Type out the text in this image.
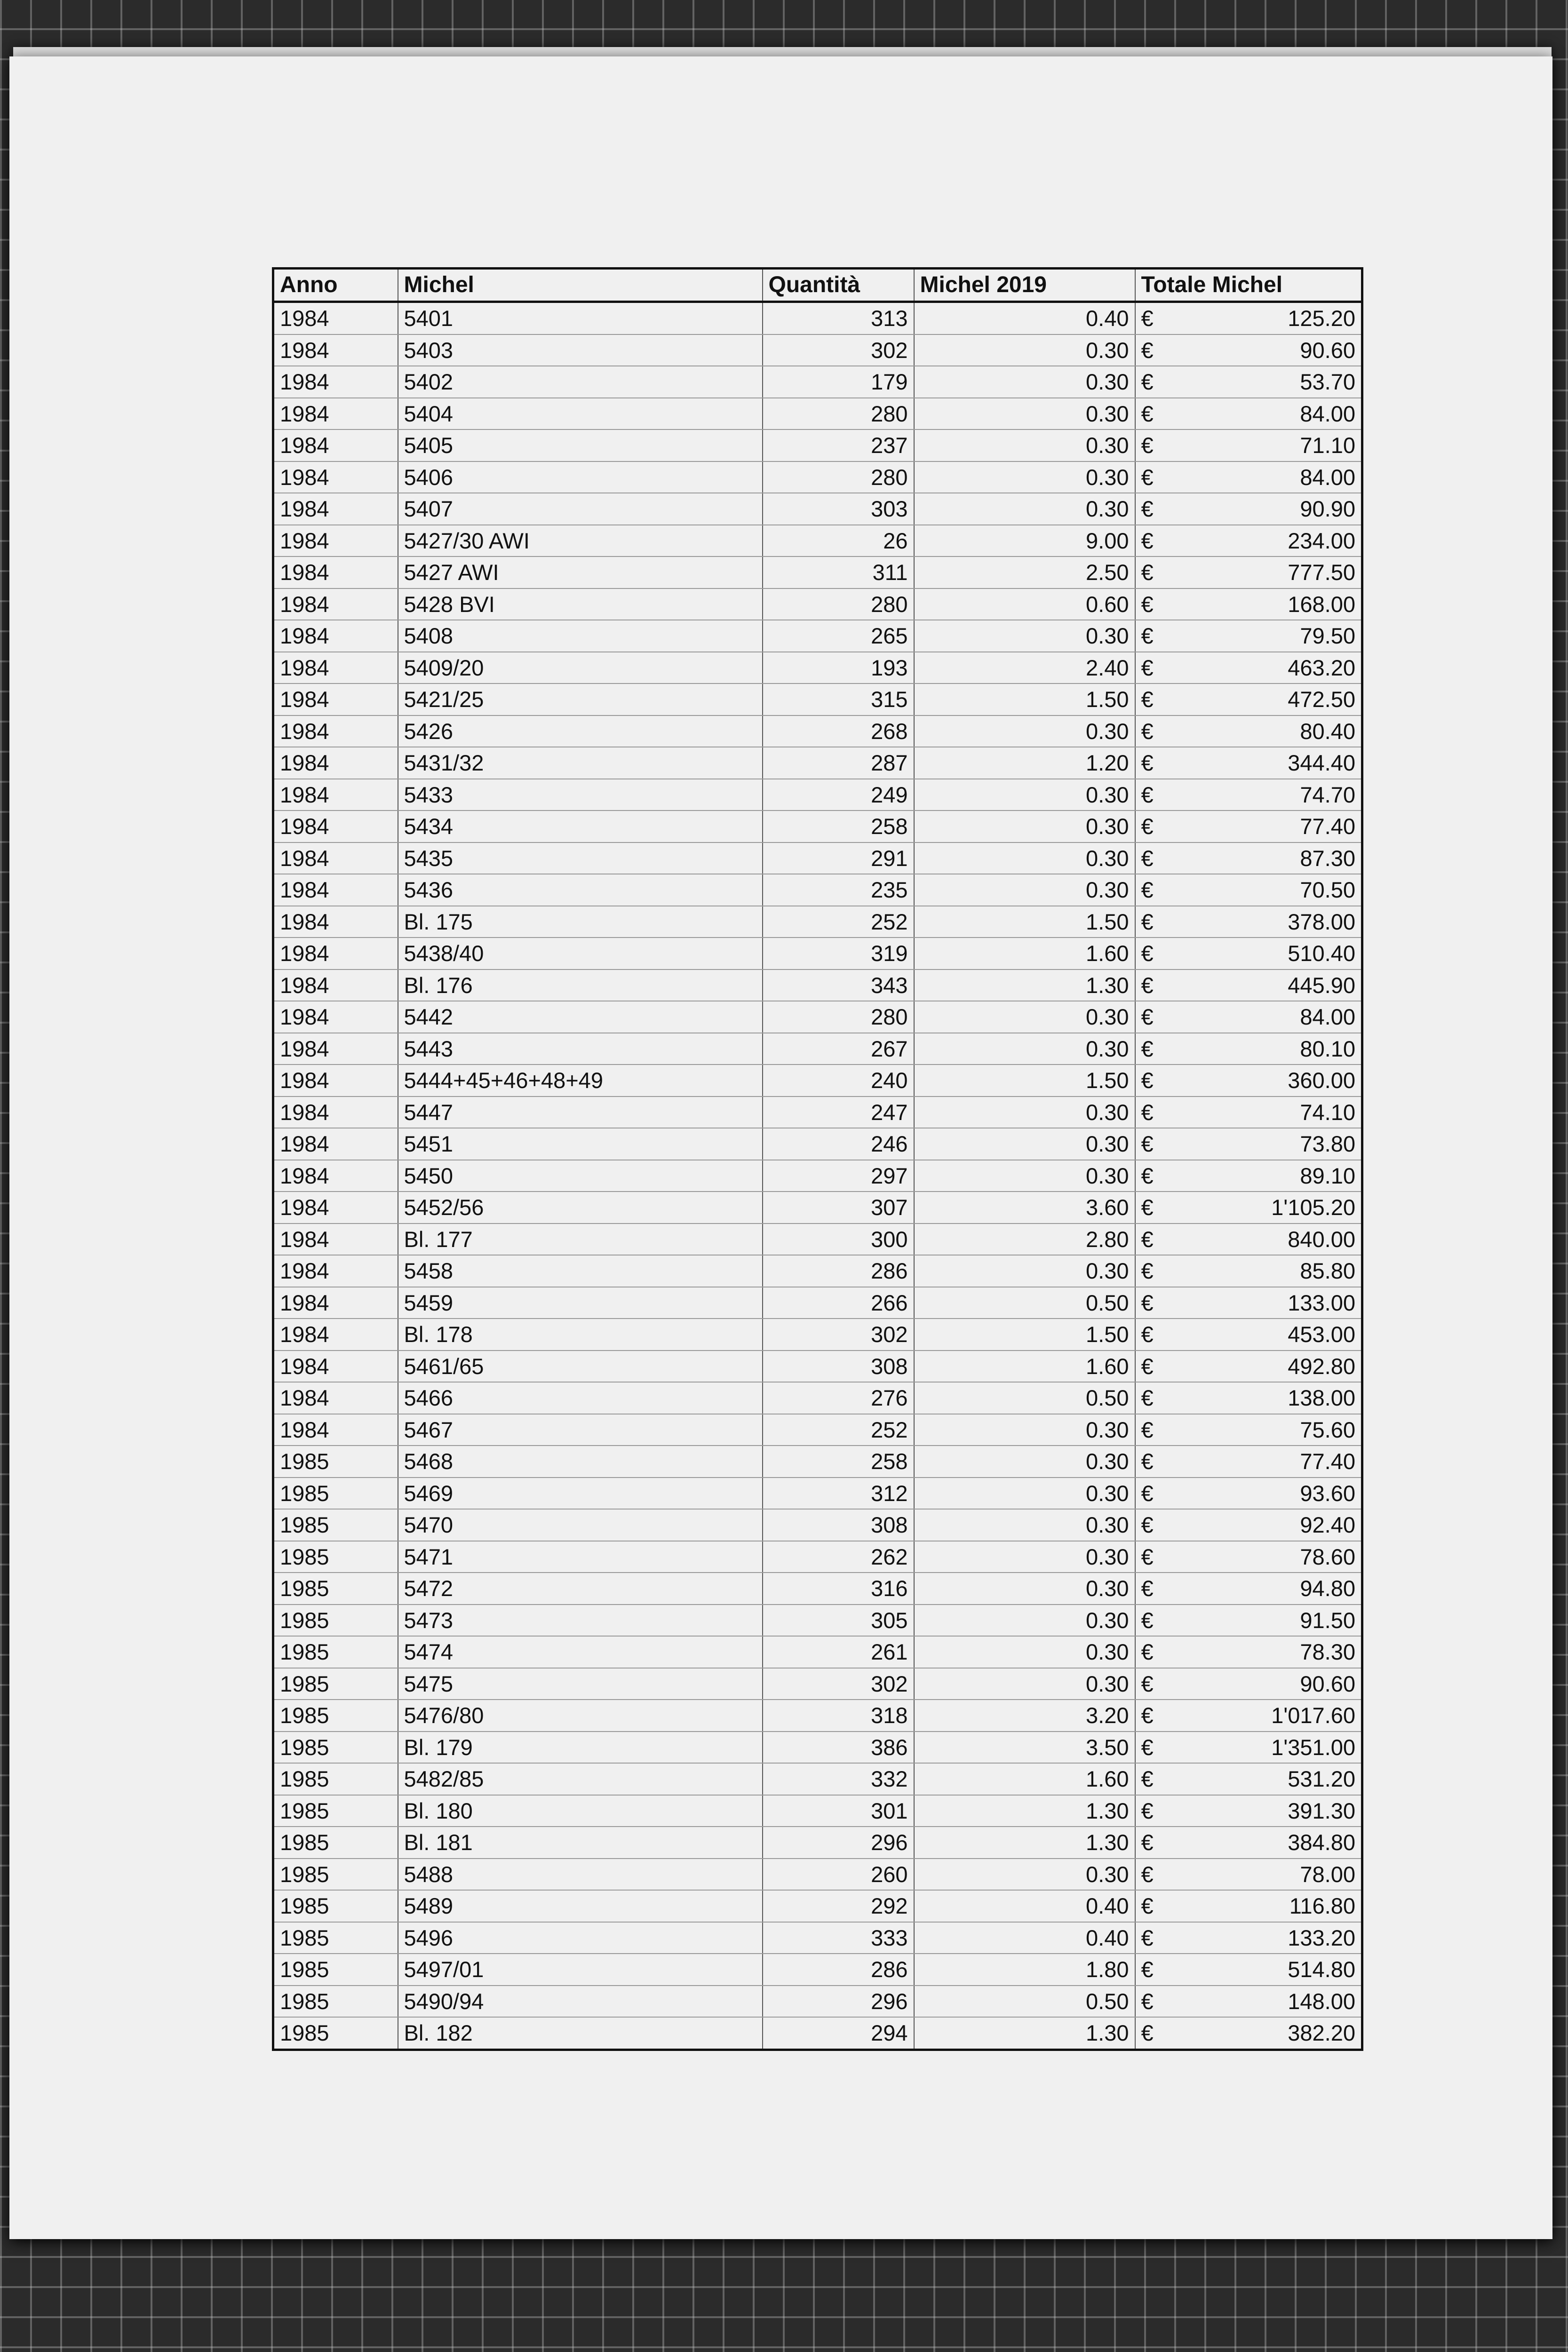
Anno	Michel	Quantità	Michel 2019	Totale Michel
1984	5401	313	0.40	€ 125.20
1984	5403	302	0.30	€ 90.60
1984	5402	179	0.30	€ 53.70
1984	5404	280	0.30	€ 84.00
1984	5405	237	0.30	€ 71.10
1984	5406	280	0.30	€ 84.00
1984	5407	303	0.30	€ 90.90
1984	5427/30 AWI	26	9.00	€ 234.00
1984	5427 AWI	311	2.50	€ 777.50
1984	5428 BVI	280	0.60	€ 168.00
1984	5408	265	0.30	€ 79.50
1984	5409/20	193	2.40	€ 463.20
1984	5421/25	315	1.50	€ 472.50
1984	5426	268	0.30	€ 80.40
1984	5431/32	287	1.20	€ 344.40
1984	5433	249	0.30	€ 74.70
1984	5434	258	0.30	€ 77.40
1984	5435	291	0.30	€ 87.30
1984	5436	235	0.30	€ 70.50
1984	Bl. 175	252	1.50	€ 378.00
1984	5438/40	319	1.60	€ 510.40
1984	Bl. 176	343	1.30	€ 445.90
1984	5442	280	0.30	€ 84.00
1984	5443	267	0.30	€ 80.10
1984	5444+45+46+48+49	240	1.50	€ 360.00
1984	5447	247	0.30	€ 74.10
1984	5451	246	0.30	€ 73.80
1984	5450	297	0.30	€ 89.10
1984	5452/56	307	3.60	€ 1'105.20
1984	Bl. 177	300	2.80	€ 840.00
1984	5458	286	0.30	€ 85.80
1984	5459	266	0.50	€ 133.00
1984	Bl. 178	302	1.50	€ 453.00
1984	5461/65	308	1.60	€ 492.80
1984	5466	276	0.50	€ 138.00
1984	5467	252	0.30	€ 75.60
1985	5468	258	0.30	€ 77.40
1985	5469	312	0.30	€ 93.60
1985	5470	308	0.30	€ 92.40
1985	5471	262	0.30	€ 78.60
1985	5472	316	0.30	€ 94.80
1985	5473	305	0.30	€ 91.50
1985	5474	261	0.30	€ 78.30
1985	5475	302	0.30	€ 90.60
1985	5476/80	318	3.20	€ 1'017.60
1985	Bl. 179	386	3.50	€ 1'351.00
1985	5482/85	332	1.60	€ 531.20
1985	Bl. 180	301	1.30	€ 391.30
1985	Bl. 181	296	1.30	€ 384.80
1985	5488	260	0.30	€ 78.00
1985	5489	292	0.40	€ 116.80
1985	5496	333	0.40	€ 133.20
1985	5497/01	286	1.80	€ 514.80
1985	5490/94	296	0.50	€ 148.00
1985	Bl. 182	294	1.30	€ 382.20
